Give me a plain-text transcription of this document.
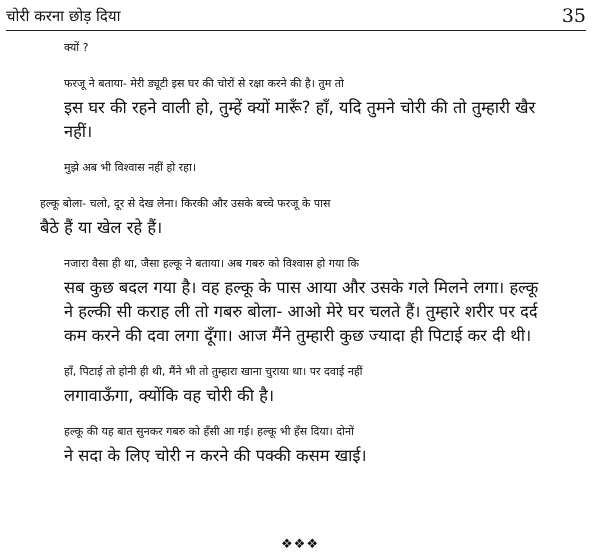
चोरी करना छोड़ दिया	35

क्यों ?

फरजू ने बताया- मेरी ड्यूटी इस घर की चोरों से रक्षा करने की है। तुम तो
इस घर की रहने वाली हो, तुम्हें क्यों मारूँ? हाँ, यदि तुमने चोरी की तो तुम्हारी खैर
नहीं।

मुझे अब भी विश्वास नहीं हो रहा।

हल्कू बोला- चलो, दूर से देख लेना। किरकी और उसके बच्चे फरजू के पास
बैठे हैं या खेल रहे हैं।

नजारा वैसा ही था, जैसा हल्कू ने बताया। अब गबरु को विश्वास हो गया कि
सब कुछ बदल गया है। वह हल्कू के पास आया और उसके गले मिलने लगा। हल्कू
ने हल्की सी कराह ली तो गबरु बोला- आओ मेरे घर चलते हैं। तुम्हारे शरीर पर दर्द
कम करने की दवा लगा दूँगा। आज मैंने तुम्हारी कुछ ज्यादा ही पिटाई कर दी थी।

हाँ, पिटाई तो होनी ही थी, मैंने भी तो तुम्हारा खाना चुराया था। पर दवाई नहीं
लगावाऊँगा, क्योंकि वह चोरी की है।

हल्कू की यह बात सुनकर गबरु को हँसी आ गई। हल्कू भी हँस दिया। दोनों
ने सदा के लिए चोरी न करने की पक्की कसम खाई।

❖❖❖
